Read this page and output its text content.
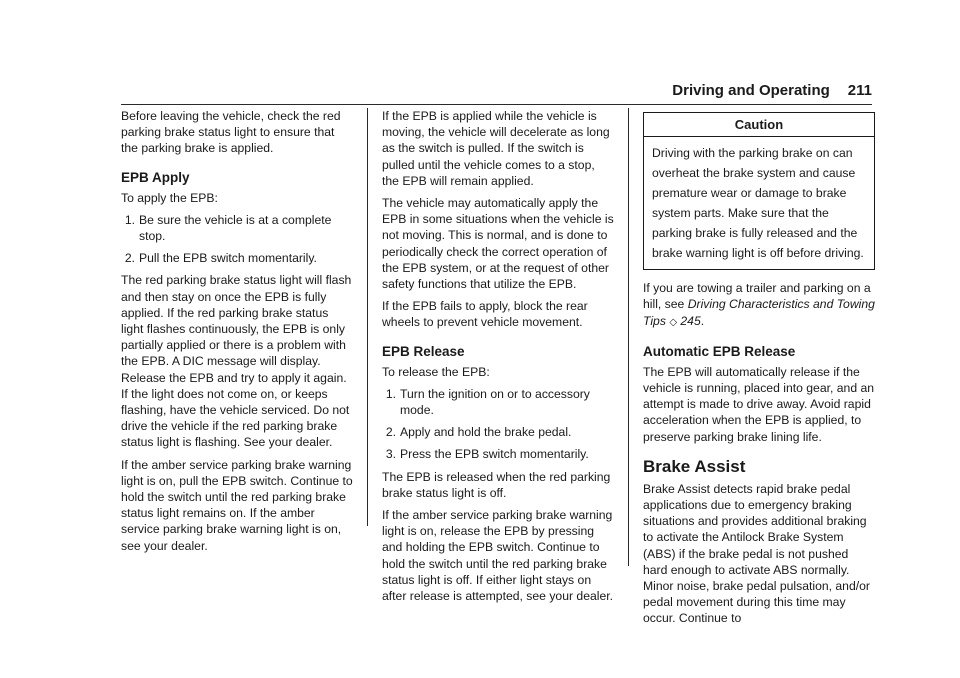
Driving and Operating 211

Before leaving the vehicle, check the red parking brake status light to ensure that the parking brake is applied.

EPB Apply

To apply the EPB:

1. Be sure the vehicle is at a complete stop.
2. Pull the EPB switch momentarily.

The red parking brake status light will flash and then stay on once the EPB is fully applied. If the red parking brake status light flashes continuously, the EPB is only partially applied or there is a problem with the EPB. A DIC message will display. Release the EPB and try to apply it again. If the light does not come on, or keeps flashing, have the vehicle serviced. Do not drive the vehicle if the red parking brake status light is flashing. See your dealer.

If the amber service parking brake warning light is on, pull the EPB switch. Continue to hold the switch until the red parking brake status light remains on. If the amber service parking brake warning light is on, see your dealer.

If the EPB is applied while the vehicle is moving, the vehicle will decelerate as long as the switch is pulled. If the switch is pulled until the vehicle comes to a stop, the EPB will remain applied.

The vehicle may automatically apply the EPB in some situations when the vehicle is not moving. This is normal, and is done to periodically check the correct operation of the EPB system, or at the request of other safety functions that utilize the EPB.

If the EPB fails to apply, block the rear wheels to prevent vehicle movement.

EPB Release

To release the EPB:

1. Turn the ignition on or to accessory mode.
2. Apply and hold the brake pedal.
3. Press the EPB switch momentarily.

The EPB is released when the red parking brake status light is off.

If the amber service parking brake warning light is on, release the EPB by pressing and holding the EPB switch. Continue to hold the switch until the red parking brake status light is off. If either light stays on after release is attempted, see your dealer.

Caution
Driving with the parking brake on can overheat the brake system and cause premature wear or damage to brake system parts. Make sure that the parking brake is fully released and the brake warning light is off before driving.

If you are towing a trailer and parking on a hill, see Driving Characteristics and Towing Tips ◇ 245.

Automatic EPB Release

The EPB will automatically release if the vehicle is running, placed into gear, and an attempt is made to drive away. Avoid rapid acceleration when the EPB is applied, to preserve parking brake lining life.

Brake Assist

Brake Assist detects rapid brake pedal applications due to emergency braking situations and provides additional braking to activate the Antilock Brake System (ABS) if the brake pedal is not pushed hard enough to activate ABS normally. Minor noise, brake pedal pulsation, and/or pedal movement during this time may occur. Continue to
